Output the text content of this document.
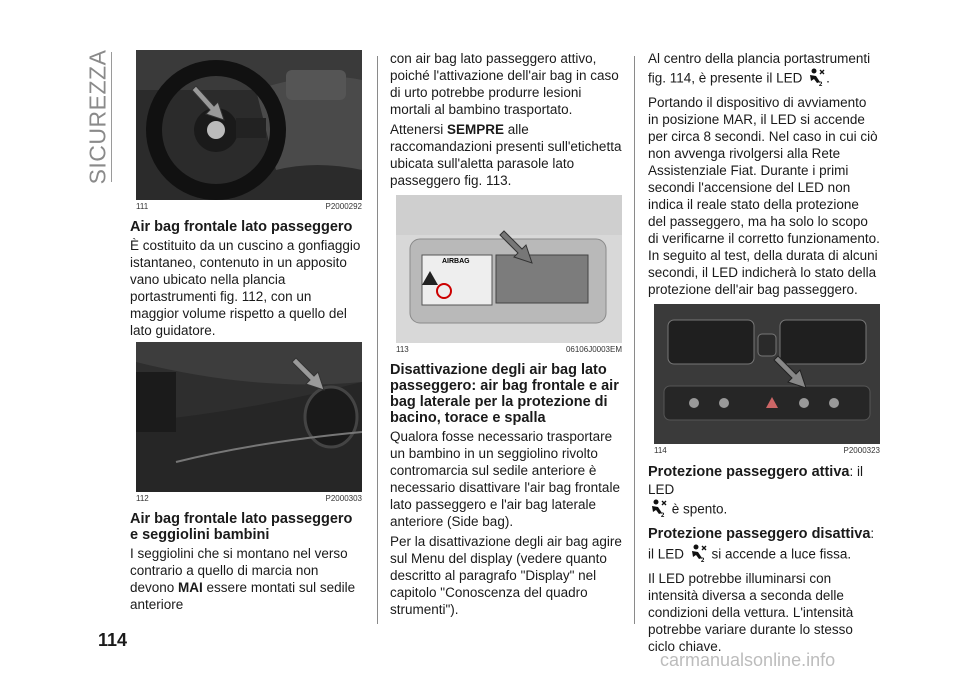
SICUREZZA
111	P2000292
Air bag frontale lato passeggero

È costituito da un cuscino a gonfiaggio istantaneo, contenuto in un apposito vano ubicato nella plancia portastrumenti fig. 112, con un maggior volume rispetto a quello del lato guidatore.

112	P2000303
Air bag frontale lato passeggero e seggiolini bambini

I seggiolini che si montano nel verso contrario a quello di marcia non devono MAI essere montati sul sedile anteriore

con air bag lato passeggero attivo, poiché l'attivazione dell'air bag in caso di urto potrebbe produrre lesioni mortali al bambino trasportato.

Attenersi SEMPRE alle raccomandazioni presenti sull'etichetta ubicata sull'aletta parasole lato passeggero fig. 113.

AIRBAG
113	06106J0003EM
Disattivazione degli air bag lato passeggero: air bag frontale e air bag laterale per la protezione di bacino, torace e spalla

Qualora fosse necessario trasportare un bambino in un seggiolino rivolto contromarcia sul sedile anteriore è necessario disattivare l'air bag frontale lato passeggero e l'air bag laterale anteriore (Side bag).

Per la disattivazione degli air bag agire sul Menu del display (vedere quanto descritto al paragrafo "Display" nel capitolo "Conoscenza del quadro strumenti").

Al centro della plancia portastrumenti fig. 114, è presente il LED 2 .

Portando il dispositivo di avviamento in posizione MAR, il LED si accende per circa 8 secondi. Nel caso in cui ciò non avvenga rivolgersi alla Rete Assistenziale Fiat. Durante i primi secondi l'accensione del LED non indica il reale stato della protezione del passeggero, ma ha solo lo scopo di verificarne il corretto funzionamento. In seguito al test, della durata di alcuni secondi, il LED indicherà lo stato della protezione dell'air bag passeggero.

114	P2000323

Protezione passeggero attiva: il LED

2 è spento.

Protezione passeggero disattiva: il LED 2 si accende a luce fissa.

Il LED potrebbe illuminarsi con intensità diversa a seconda delle condizioni della vettura. L'intensità potrebbe variare durante lo stesso ciclo chiave.

114
carmanualsonline.info
